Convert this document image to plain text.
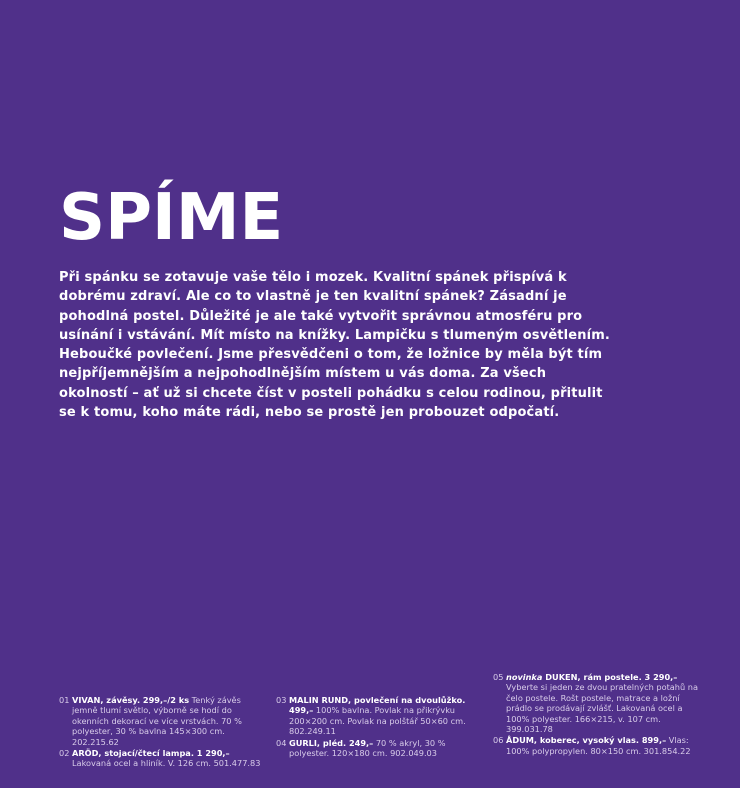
SPÍME

Při spánku se zotavuje vaše tělo i mozek. Kvalitní spánek přispívá k dobrému zdraví. Ale co to vlastně je ten kvalitní spánek? Zásadní je pohodlná postel. Důležité je ale také vytvořit správnou atmosféru pro usínání i vstávání. Mít místo na knížky. Lampičku s tlumeným osvětlením. Heboučké povlečení. Jsme přesvědčeni o tom, že ložnice by měla být tím nejpříjemnějším a nejpohodlnějším místem u vás doma. Za všech okolností – ať už si chcete číst v posteli pohádku s celou rodinou, přitulit se k tomu, koho máte rádi, nebo se prostě jen probouzet odpočatí.

01 VIVAN, závěsy. 299,–/2 ks Tenký závěs jemně tlumí světlo, výborně se hodí do okenních dekorací ve více vrstvách. 70 % polyester, 30 % bavlna 145×300 cm. 202.215.62
02 ARÖD, stojací/čtecí lampa. 1 290,– Lakovaná ocel a hliník. V. 126 cm. 501.477.83
03 MALIN RUND, povlečení na dvoulůžko. 499,– 100% bavlna. Povlak na přikrývku 200×200 cm. Povlak na polštář 50×60 cm. 802.249.11
04 GURLI, pléd. 249,– 70 % akryl, 30 % polyester. 120×180 cm. 902.049.03
05 novinka DUKEN, rám postele. 3 290,– Vyberte si jeden ze dvou pratelných potahů na čelo postele. Rošt postele, matrace a ložní prádlo se prodávají zvlášť. Lakovaná ocel a 100% polyester. 166×215, v. 107 cm. 399.031.78
06 ÅDUM, koberec, vysoký vlas. 899,– Vlas: 100% polypropylen. 80×150 cm. 301.854.22
